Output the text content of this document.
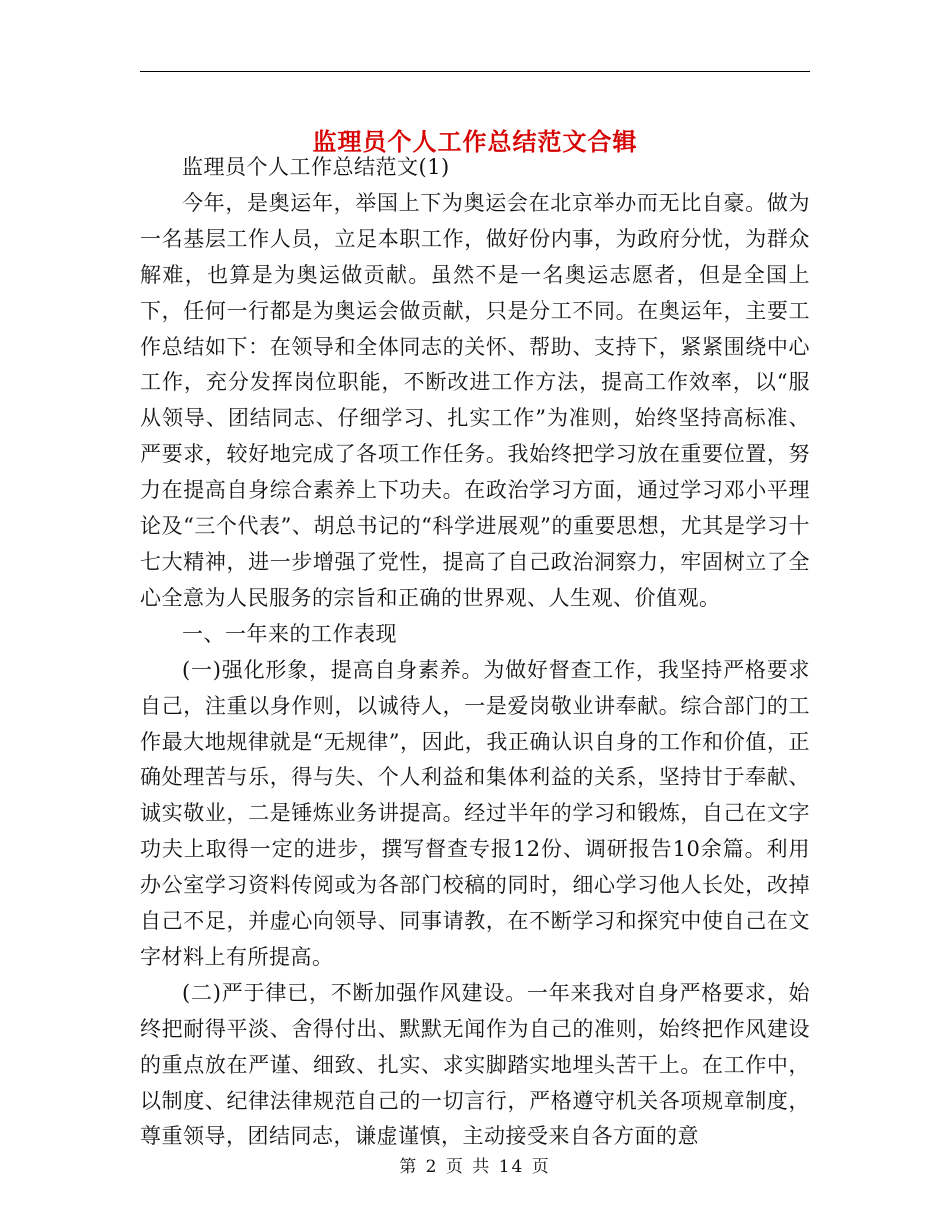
监理员个人工作总结范文合辑

监理员个人工作总结范文(1)

今年，是奥运年，举国上下为奥运会在北京举办而无比自豪。做为一名基层工作人员，立足本职工作，做好份内事，为政府分忧，为群众解难，也算是为奥运做贡献。虽然不是一名奥运志愿者，但是全国上下，任何一行都是为奥运会做贡献，只是分工不同。在奥运年，主要工作总结如下：在领导和全体同志的关怀、帮助、支持下，紧紧围绕中心工作，充分发挥岗位职能，不断改进工作方法，提高工作效率，以“服从领导、团结同志、仔细学习、扎实工作”为准则，始终坚持高标准、严要求，较好地完成了各项工作任务。我始终把学习放在重要位置，努力在提高自身综合素养上下功夫。在政治学习方面，通过学习邓小平理论及“三个代表”、胡总书记的“科学进展观”的重要思想，尤其是学习十七大精神，进一步增强了党性，提高了自己政治洞察力，牢固树立了全心全意为人民服务的宗旨和正确的世界观、人生观、价值观。

一、一年来的工作表现

(一)强化形象，提高自身素养。为做好督查工作，我坚持严格要求自己，注重以身作则，以诚待人，一是爱岗敬业讲奉献。综合部门的工作最大地规律就是“无规律”，因此，我正确认识自身的工作和价值，正确处理苦与乐，得与失、个人利益和集体利益的关系，坚持甘于奉献、诚实敬业，二是锤炼业务讲提高。经过半年的学习和锻炼，自己在文字功夫上取得一定的进步，撰写督查专报12份、调研报告10余篇。利用办公室学习资料传阅或为各部门校稿的同时，细心学习他人长处，改掉自己不足，并虚心向领导、同事请教，在不断学习和探究中使自己在文字材料上有所提高。

(二)严于律已，不断加强作风建设。一年来我对自身严格要求，始终把耐得平淡、舍得付出、默默无闻作为自己的准则，始终把作风建设的重点放在严谨、细致、扎实、求实脚踏实地埋头苦干上。在工作中，以制度、纪律法律规范自己的一切言行，严格遵守机关各项规章制度，尊重领导，团结同志，谦虚谨慎，主动接受来自各方面的意

第 2 页 共 14 页
